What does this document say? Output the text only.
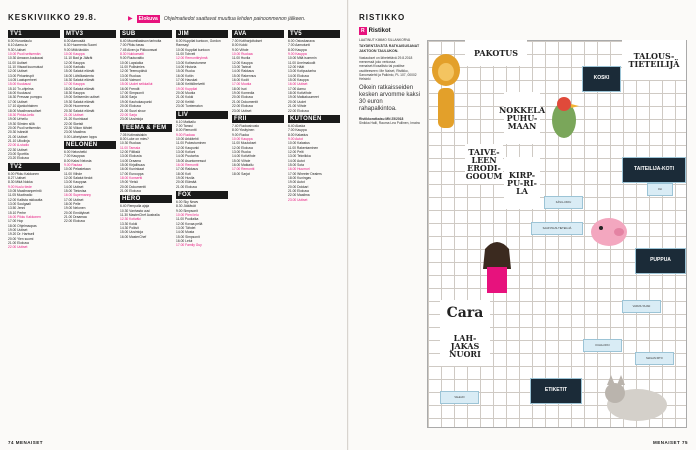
KESKIVIIKKO 29.8.	▶	Elokuva	Ohjelmatiedot saattavat muuttua lehden painoonmenon jälkeen.
TV1
6.00 Kuvanlaulu
6.10 Aamu-tv
9.30 Uutiset
10.00 Puoli seitsemän
10.30 Amazon-kuukausi
11.00 Uutiset
11.10 Viisaat kuumutuut
12.00 Uutiset
13.00 Pirkantrupit
14.05 Laatuperheet
15.00 Kuukausi
15.10 Tv-ohjelma
16.00 Kuukausi
16.30 Pressan pumppu
17.00 Uutiset
17.10 Ajankohtainen
18.00 Maailmanuutiset
18.30 Pirkka-kello
19.00 Urheilu
19.30 Silmien sillä
20.00 Puoli seitsemän
20.30 Isännät
21.00 Uutiset
21.10 Ulkolinja
22.00 A-studio
22.30 Uutiset
23.00 Sporttia
23.20 Elokuva
TV2
6.00 Pikku Kakkonen
8.27 Uutiset
8.30 Mikä Nokka
9.00 Kuulu tiede
10.05 Maailmanperintö
11.05 Muotiradio
12.00 Kallista rakkautta
13.00 Soulgaali
13.50 Jenni
15.10 Perhe
16.00 Pikku Kakkonen
17.00 Hop
18.00 Ohjelmaopas
19.00 Uutiset
19.20 Dr. Hartwell
20.00 Ylen suomi
21.00 Elokuva
22.00 Uutiset
MTV3
6.00 Aamusää
6.30 Huomenta Suomi
9.00 Mitä tänään
10.00 Kauppa
11.10 Bad ja Jäärät
12.00 Kauppa
14.00 Karkailu
15.00 Salatut elämät
16.00 Lähtölaskenta
16.30 Salatut elämät
17.00 Kauppa
18.00 Salatut elämät
18.30 Kauppa
19.00 Seitsemän uutiset
19.30 Salatut elämät
20.00 Huomenna
20.30 Salatut elämät
21.00 Uutiset
21.20 Kuninkaat
22.00 Sketsit
22.30 Viikon tähdet
23.00 Maailma
0.00 Lähetyksen loppu
NELONEN
6.00 Neloshetki
7.00 Kauppaa
8.00 Kaksi Nelosta
9.00 Rautaa
10.00 Pelastetaan
11.00 Viihde
12.00 Salatut tiedot
13.00 Kauppaa
14.00 Uutiset
15.00 Tietovisa
16.00 Supernanny
17.00 Uutiset
18.00 Pelle
19.00 Nelonen
20.00 Ennätykset
21.00 Draamaa
22.00 Elokuva
SUB
6.40 Muumilaakson tarinoita
7.00 Pikku tassu
7.45 Aiven ja Pikkuoravat
8.30 Nukkumatti
9.00 Ruutuvaltio
10.00 Lapsiaika
11.00 Poliisimies
12.00 Teemupäivä
13.00 Ruokaa
14.00 Vaimoni
15.00 Uudet seikkailut
16.00 Frendit
17.00 Simpsonit
18.00 Sarja
19.00 Kauhukaupunki
20.00 Elokuva
21.00 Suuri show
22.00 Sarja
23.00 Uusintoja
TEEMA & FEM
7.05 Kotimaisiakin
8.00 Luke on mies?
10.30 Ruokaa
11.00 Tanssia
12.00 Fiiliksiä
13.00 Elokuvia
14.00 Draama
15.00 Kirjallisuus
16.00 Kuninkaat
17.00 Eurooppa
18.00 Konsertti
19.00 Yleisö
20.00 Dokumentti
21.00 Elokuva
HERO
6.40 Rempalla ajaja
10.30 Vanhasta uusi
11.30 MasterChef Australia
12.30 Kotiväki
13.30 Kokki
14.30 Poliisit
15.00 Uusintoja
16.00 MasterChef
JIM
6.00 Kuppilat kuntoon, Gordon Ramsay!
10.00 Kuppilat kuntoon
11.00 Tohveli
12.00 Remonttiryhmä
13.00 Kotiseutumme
14.00 Historia
15.00 Ruoka
16.00 Kotiin
17.00 Hauskat
18.00 Keittiöhelvetti
19.00 Kuppilat
20.00 Muotia
21.00 Kokki
22.00 Keittiö
23.00 Tuntematon
LIV
6.10 Matkailu
7.00 Tanssi
8.00 Remontti
9.00 Ruokaa
10.00 Arkkitehti
11.00 Pukeutuminen
12.00 Kaupunki
13.00 Kotiuni
14.00 Puutarha
15.00 Asuntomessut
16.00 Remontti
17.00 Rakkaus
18.00 Koti
19.00 Huvila
20.00 Elämää
21.00 Elokuva
FOX
6.00 Sky News
8.30 Jäätävät
9.00 Simpsonit
10.00 Pieni lelu
11.00 Puoliaika
12.00 Kovaa peliä
13.00 Tähdet
14.00 Musta
15.00 Simpsonit
16.00 Lelut
17.00 Family Guy
AVA
7.00 Kotiharjoitukset
8.00 Kokki
9.00 Viihde
10.00 Ruokaa
11.00 Huvila
12.00 Kauppa
13.00 Tarinat
14.00 Rakkaus
15.00 Rakennus
16.00 Kodit
17.00 Muotia
18.00 Isot
19.00 Komedia
20.00 Elokuva
21.00 Dokumentit
22.00 Elokuva
23.00 Uutiset
FRII
7.40 Ruokasivusto
8.00 Yksityinen
9.00 Ruoka
10.00 Kauppa
11.00 Muutokset
12.00 Elokuva
13.00 Ruoka
14.00 Kotiviihde
15.00 Viihde
16.00 Matkailu
17.00 Remontti
18.00 Sarjat
TV5
6.00 Ostoskanava
7.00 Aamutunti
8.00 Kauppa
9.00 Kauppa
10.00 Mitä isommin
11.00 Unelmakodit
12.00 Häät
13.00 Kotipuutarha
14.00 Elokuva
15.00 Kauppa
16.00 Uutiset
17.00 Aamu
18.00 Kotiviihde
19.00 Matkakuumeet
20.00 Uudet
21.00 Viihde
22.00 Elokuva
KUTONEN
6.40 Alaska
7.00 Kauppa
8.00 Kalastus
9.00 Autot
10.00 Kalastus
11.00 Rakentaminen
12.00 Pelit
13.00 Tekniikka
14.00 Autot
15.00 Sota
16.00 Huumori
17.00 Wheeler Dealers
18.00 Kuningas
19.00 Autot
20.00 Dokkari
21.00 Elokuva
22.00 Maailma
23.00 Uutiset
74 MENAISET
RISTIKKO
R Ristikot
LAATINUT KIMMO SILLANKORVA
TAYDENTÄVÄTÄ RATKAISUSANAT JAKTOON TAULUKON.
Vastaukset on lähetettävä 29.8.2018 mennessä joko verkossa menaiset.fi/osallistu tai postitse osoitteeseen: Me Naiset, Ristikko, Sanomalehti ja Palkinto, PL 107, 00002 Helsinki
Oikein ratkaisseiden kesken arvomme kaksi 30 euron rahapalkintoa.
Ristikkoratkaisu MN 25/2018
Sinikka Halli, Rauma Lea Pullinen, Imatra
PAKOTUS	TALOUS-TIETEILIJÄ
KOSKI
NOKKELA PUHU-MAAN
KIRP-PU-RI-LA
TAIVE-LEEN ERODI-GOOUM
TAITEILIJA-KOTI
PUPPUA
KÄSI-LUKKU
LAH-JAKAS NUORI
Cara
ETIKETIT
SAAP-PAUS-TIETEILIJÄ
VARUS-TAJAN
OLI
KUHA-OKKI
VALEUO
MAILAN IRTO
MENAISET 75
